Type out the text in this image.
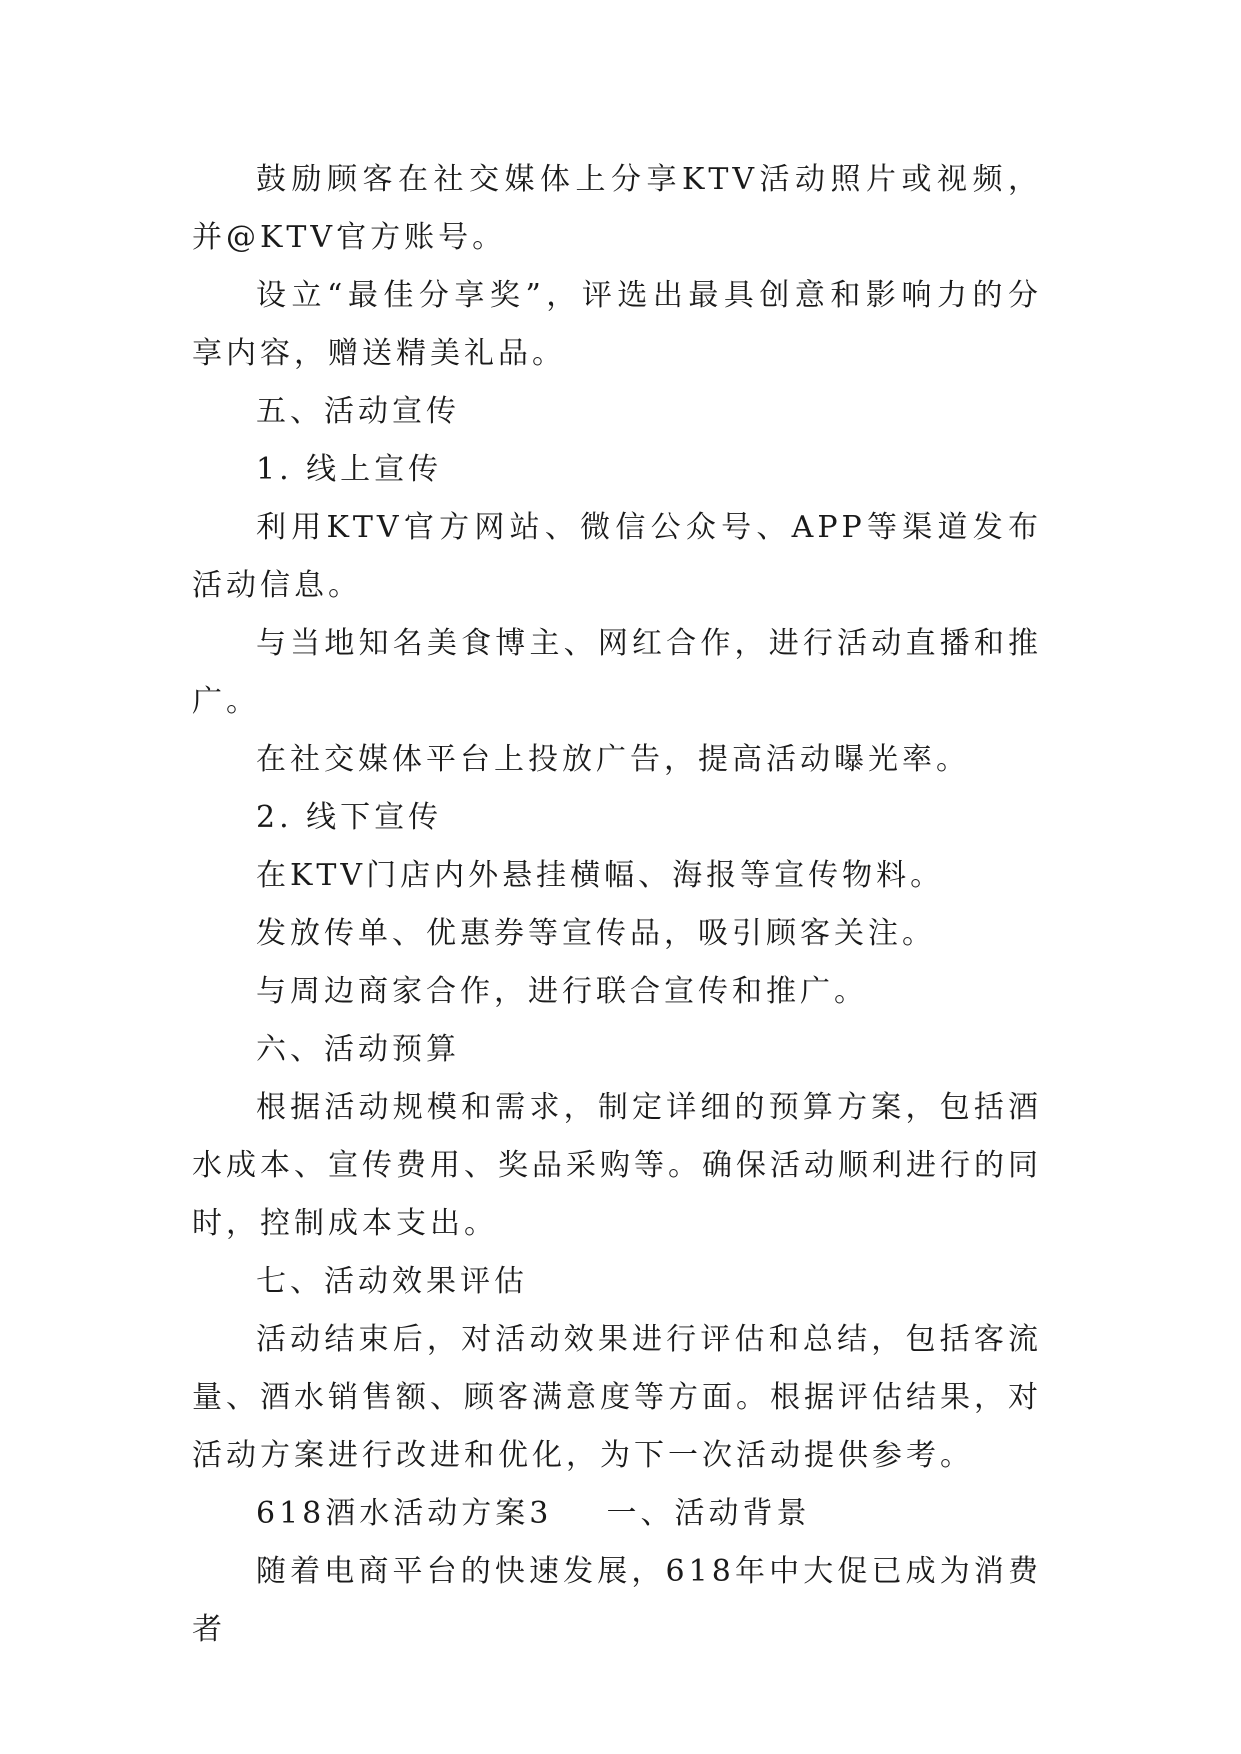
鼓励顾客在社交媒体上分享KTV活动照片或视频，并@KTV官方账号。

设立“最佳分享奖”，评选出最具创意和影响力的分享内容，赠送精美礼品。

五、活动宣传

1. 线上宣传

利用KTV官方网站、微信公众号、APP等渠道发布活动信息。

与当地知名美食博主、网红合作，进行活动直播和推广。

在社交媒体平台上投放广告，提高活动曝光率。

2. 线下宣传

在KTV门店内外悬挂横幅、海报等宣传物料。

发放传单、优惠券等宣传品，吸引顾客关注。

与周边商家合作，进行联合宣传和推广。

六、活动预算

根据活动规模和需求，制定详细的预算方案，包括酒水成本、宣传费用、奖品采购等。确保活动顺利进行的同时，控制成本支出。

七、活动效果评估

活动结束后，对活动效果进行评估和总结，包括客流量、酒水销售额、顾客满意度等方面。根据评估结果，对活动方案进行改进和优化，为下一次活动提供参考。

618酒水活动方案3    一、活动背景

随着电商平台的快速发展，618年中大促已成为消费者
